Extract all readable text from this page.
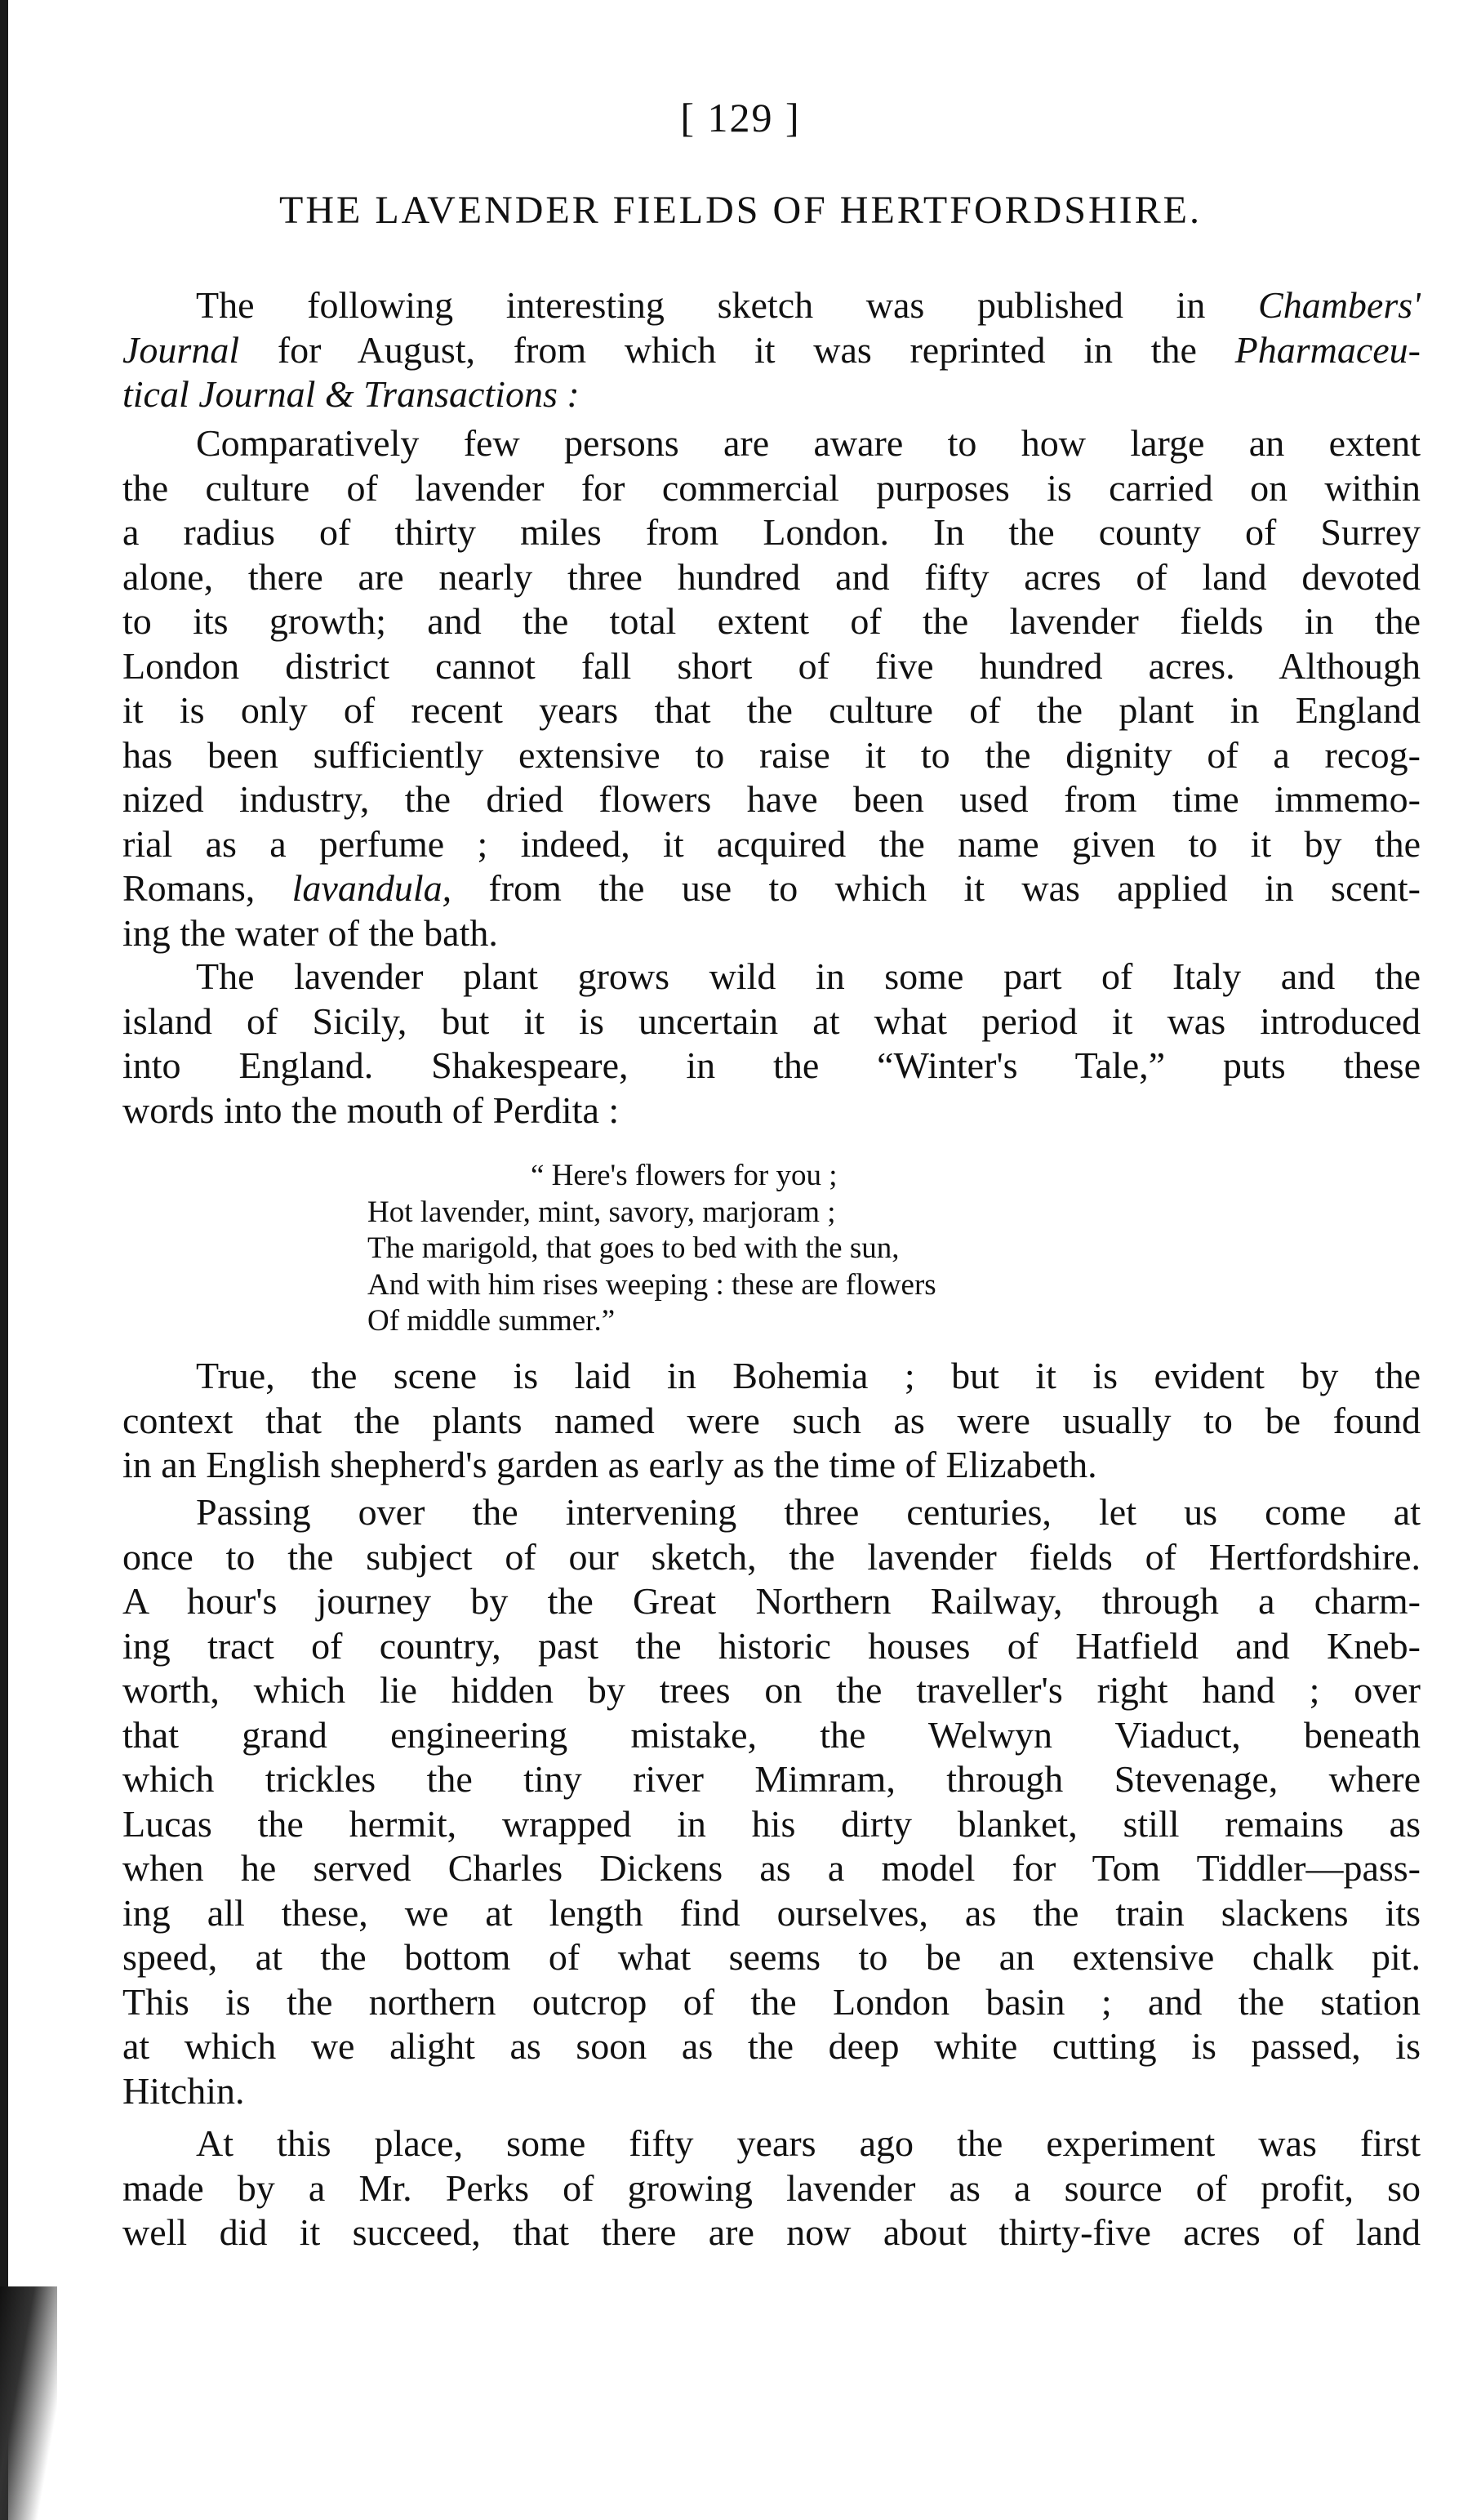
[ 129 ]
THE LAVENDER FIELDS OF HERTFORDSHIRE.
The following interesting sketch was published in Chambers'
Journal for August, from which it was reprinted in the Pharmaceu-
tical Journal & Transactions :
Comparatively few persons are aware to how large an extent
the culture of lavender for commercial purposes is carried on within
a radius of thirty miles from London. In the county of Surrey
alone, there are nearly three hundred and fifty acres of land devoted
to its growth; and the total extent of the lavender fields in the
London district cannot fall short of five hundred acres. Although
it is only of recent years that the culture of the plant in England
has been sufficiently extensive to raise it to the dignity of a recog-
nized industry, the dried flowers have been used from time immemo-
rial as a perfume ; indeed, it acquired the name given to it by the
Romans, lavandula, from the use to which it was applied in scent-
ing the water of the bath.
The lavender plant grows wild in some part of Italy and the
island of Sicily, but it is uncertain at what period it was introduced
into England. Shakespeare, in the “Winter's Tale,” puts these
words into the mouth of Perdita :
“ Here's flowers for you ;
Hot lavender, mint, savory, marjoram ;
The marigold, that goes to bed with the sun,
And with him rises weeping : these are flowers
Of middle summer.”
True, the scene is laid in Bohemia ; but it is evident by the
context that the plants named were such as were usually to be found
in an English shepherd's garden as early as the time of Elizabeth.
Passing over the intervening three centuries, let us come at
once to the subject of our sketch, the lavender fields of Hertfordshire.
A hour's journey by the Great Northern Railway, through a charm-
ing tract of country, past the historic houses of Hatfield and Kneb-
worth, which lie hidden by trees on the traveller's right hand ; over
that grand engineering mistake, the Welwyn Viaduct, beneath
which trickles the tiny river Mimram, through Stevenage, where
Lucas the hermit, wrapped in his dirty blanket, still remains as
when he served Charles Dickens as a model for Tom Tiddler—pass-
ing all these, we at length find ourselves, as the train slackens its
speed, at the bottom of what seems to be an extensive chalk pit.
This is the northern outcrop of the London basin ; and the station
at which we alight as soon as the deep white cutting is passed, is
Hitchin.
At this place, some fifty years ago the experiment was first
made by a Mr. Perks of growing lavender as a source of profit, so
well did it succeed, that there are now about thirty-five acres of land
